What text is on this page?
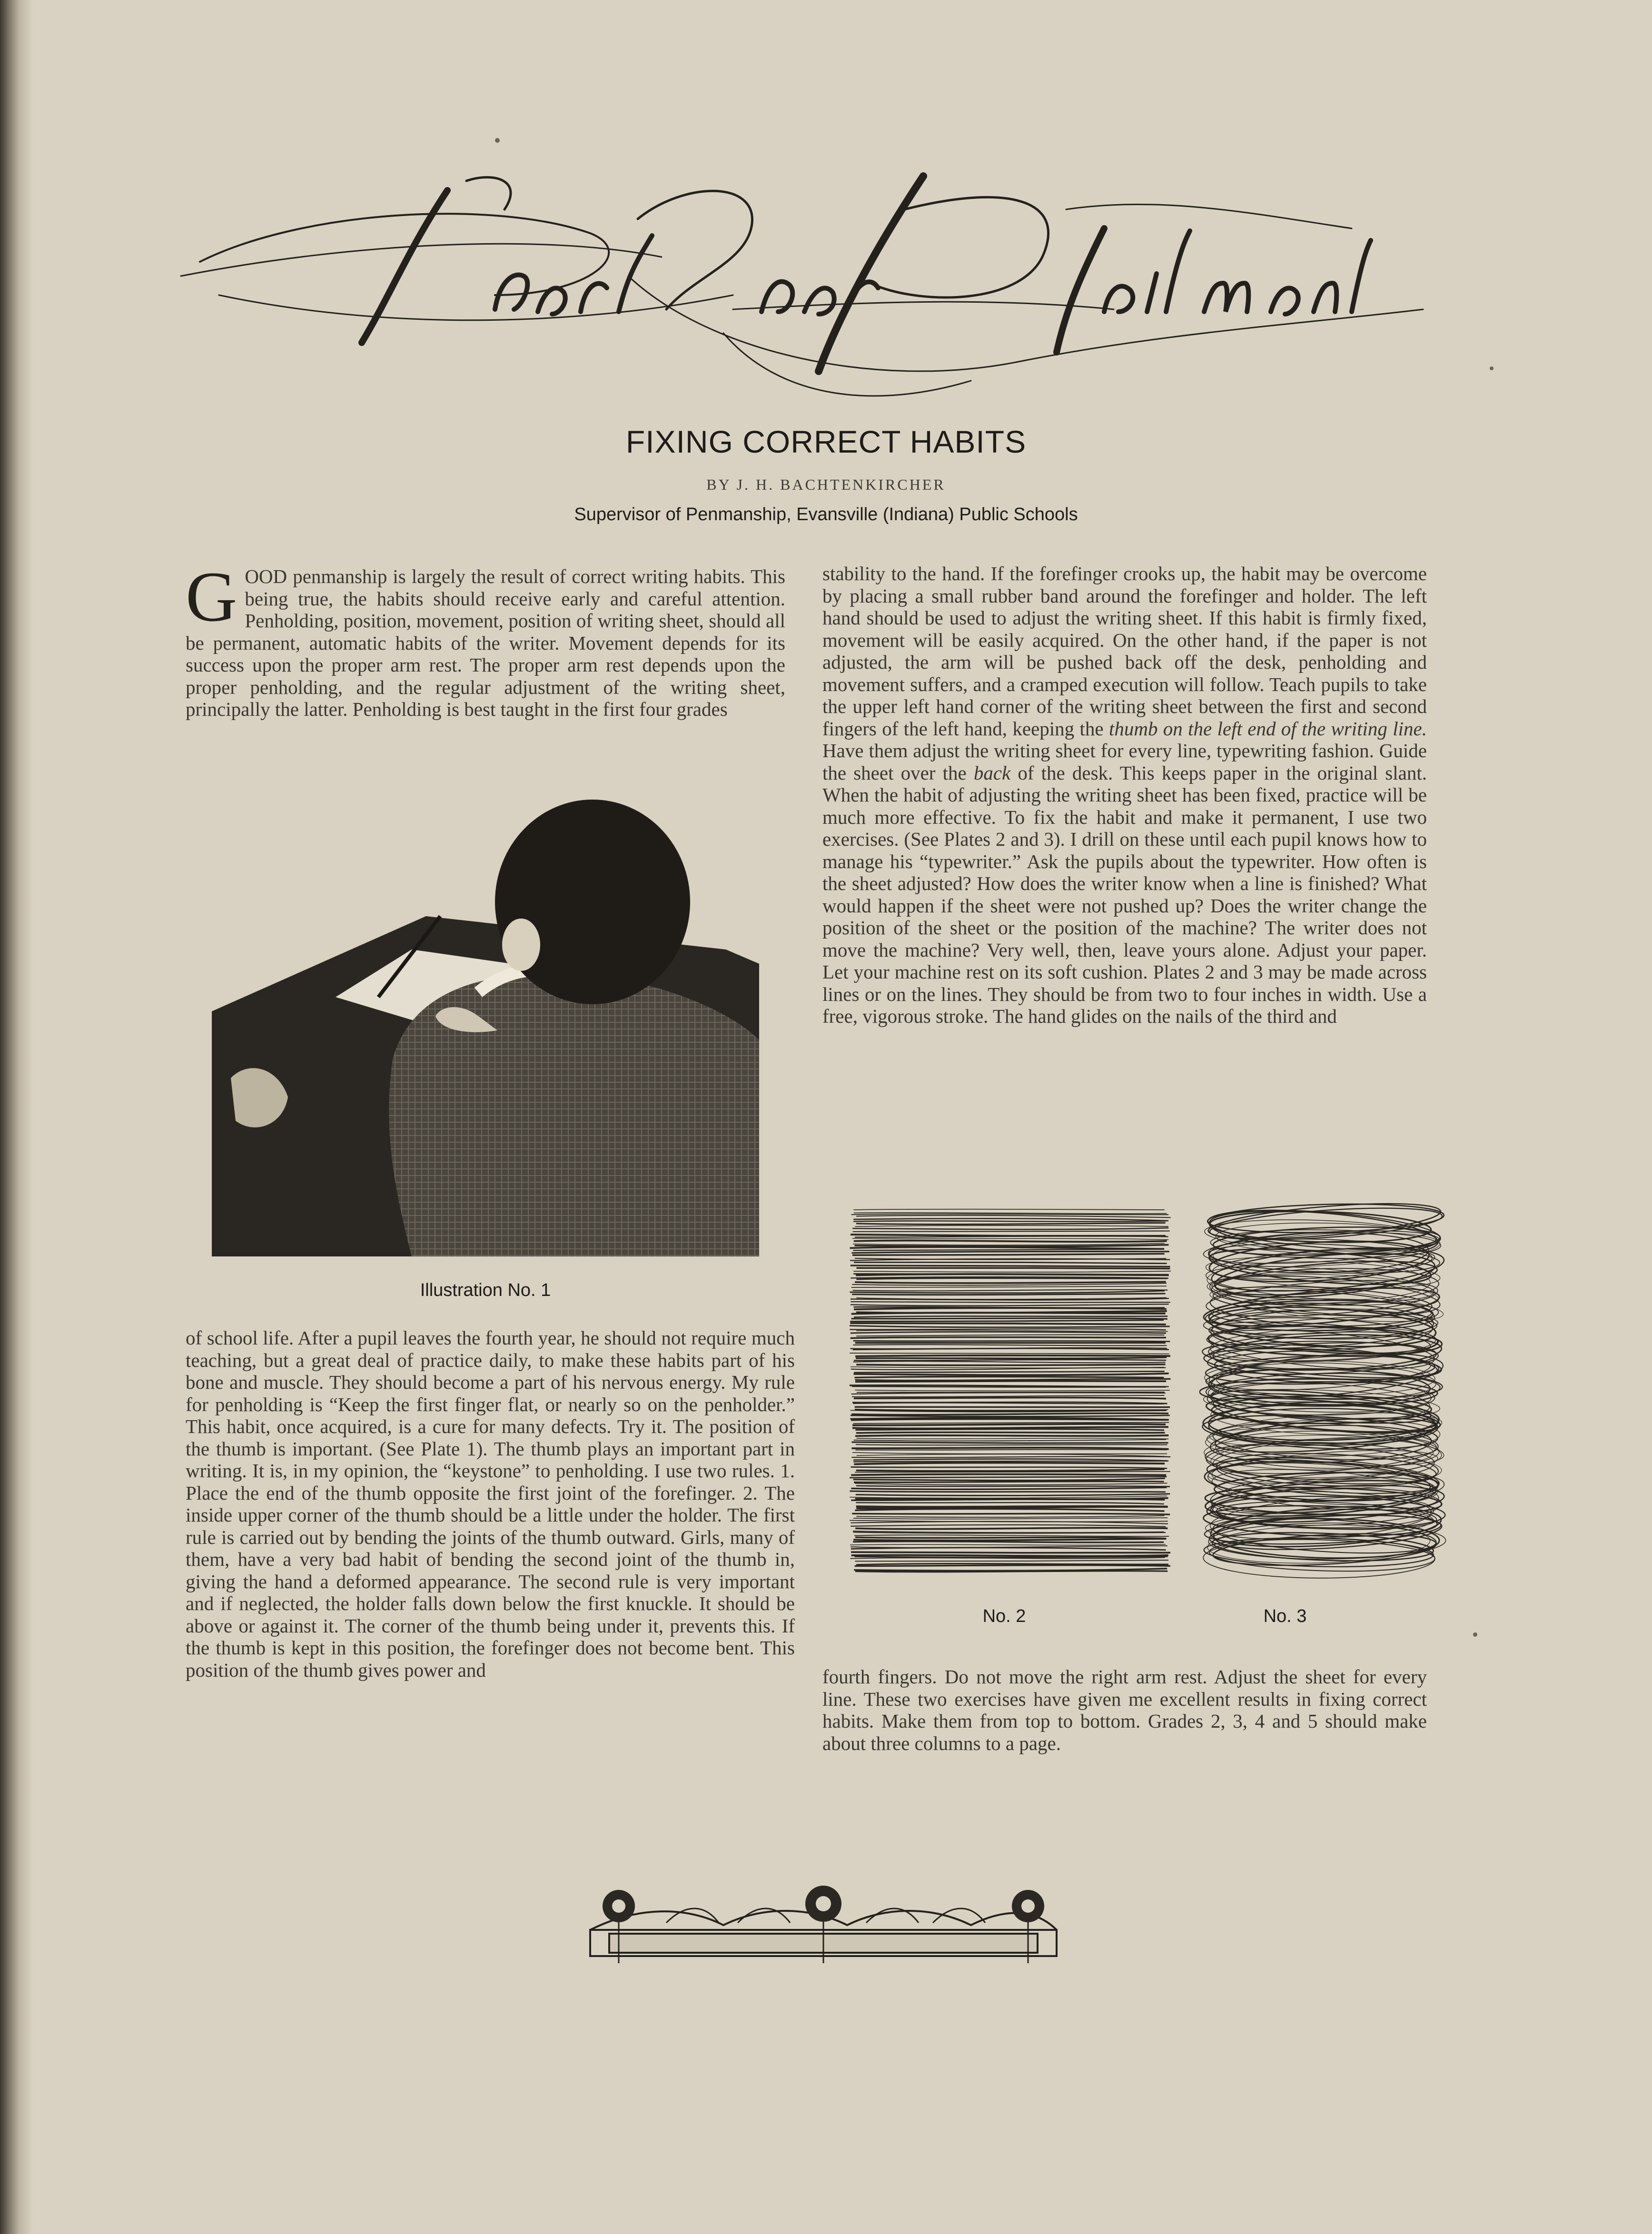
FIXING CORRECT HABITS
BY J. H. BACHTENKIRCHER
Supervisor of Penmanship, Evansville (Indiana) Public Schools
GOOD penmanship is largely the result of correct writing habits. This being true, the habits should receive early and careful attention. Penholding, position, movement, position of writing sheet, should all be permanent, automatic habits of the writer. Movement depends for its success upon the proper arm rest. The proper arm rest depends upon the proper penholding, and the regular adjustment of the writing sheet, principally the latter. Penholding is best taught in the first four grades
Illustration No. 1

of school life. After a pupil leaves the fourth year, he should not require much teaching, but a great deal of practice daily, to make these habits part of his bone and muscle. They should become a part of his nervous energy. My rule for penholding is “Keep the first finger flat, or nearly so on the penholder.” This habit, once acquired, is a cure for many defects. Try it. The position of the thumb is important. (See Plate 1). The thumb plays an important part in writing. It is, in my opinion, the “keystone” to penholding. I use two rules. 1. Place the end of the thumb opposite the first joint of the forefinger. 2. The inside upper corner of the thumb should be a little under the holder. The first rule is carried out by bending the joints of the thumb outward. Girls, many of them, have a very bad habit of bending the second joint of the thumb in, giving the hand a deformed appearance. The second rule is very important and if neglected, the holder falls down below the first knuckle. It should be above or against it. The corner of the thumb being under it, prevents this. If the thumb is kept in this position, the forefinger does not become bent. This position of the thumb gives power and

stability to the hand. If the forefinger crooks up, the habit may be overcome by placing a small rubber band around the forefinger and holder. The left hand should be used to adjust the writing sheet. If this habit is firmly fixed, movement will be easily acquired. On the other hand, if the paper is not adjusted, the arm will be pushed back off the desk, penholding and movement suffers, and a cramped execution will follow. Teach pupils to take the upper left hand corner of the writing sheet between the first and second fingers of the left hand, keeping the thumb on the left end of the writing line. Have them adjust the writing sheet for every line, typewriting fashion. Guide the sheet over the back of the desk. This keeps paper in the original slant. When the habit of adjusting the writing sheet has been fixed, practice will be much more effective. To fix the habit and make it permanent, I use two exercises. (See Plates 2 and 3). I drill on these until each pupil knows how to manage his “typewriter.” Ask the pupils about the typewriter. How often is the sheet adjusted? How does the writer know when a line is finished? What would happen if the sheet were not pushed up? Does the writer change the position of the sheet or the position of the machine? The writer does not move the machine? Very well, then, leave yours alone. Adjust your paper. Let your machine rest on its soft cushion. Plates 2 and 3 may be made across lines or on the lines. They should be from two to four inches in width. Use a free, vigorous stroke. The hand glides on the nails of the third and

No. 2	No. 3

fourth fingers. Do not move the right arm rest. Adjust the sheet for every line. These two exercises have given me excellent results in fixing correct habits. Make them from top to bottom. Grades 2, 3, 4 and 5 should make about three columns to a page.
